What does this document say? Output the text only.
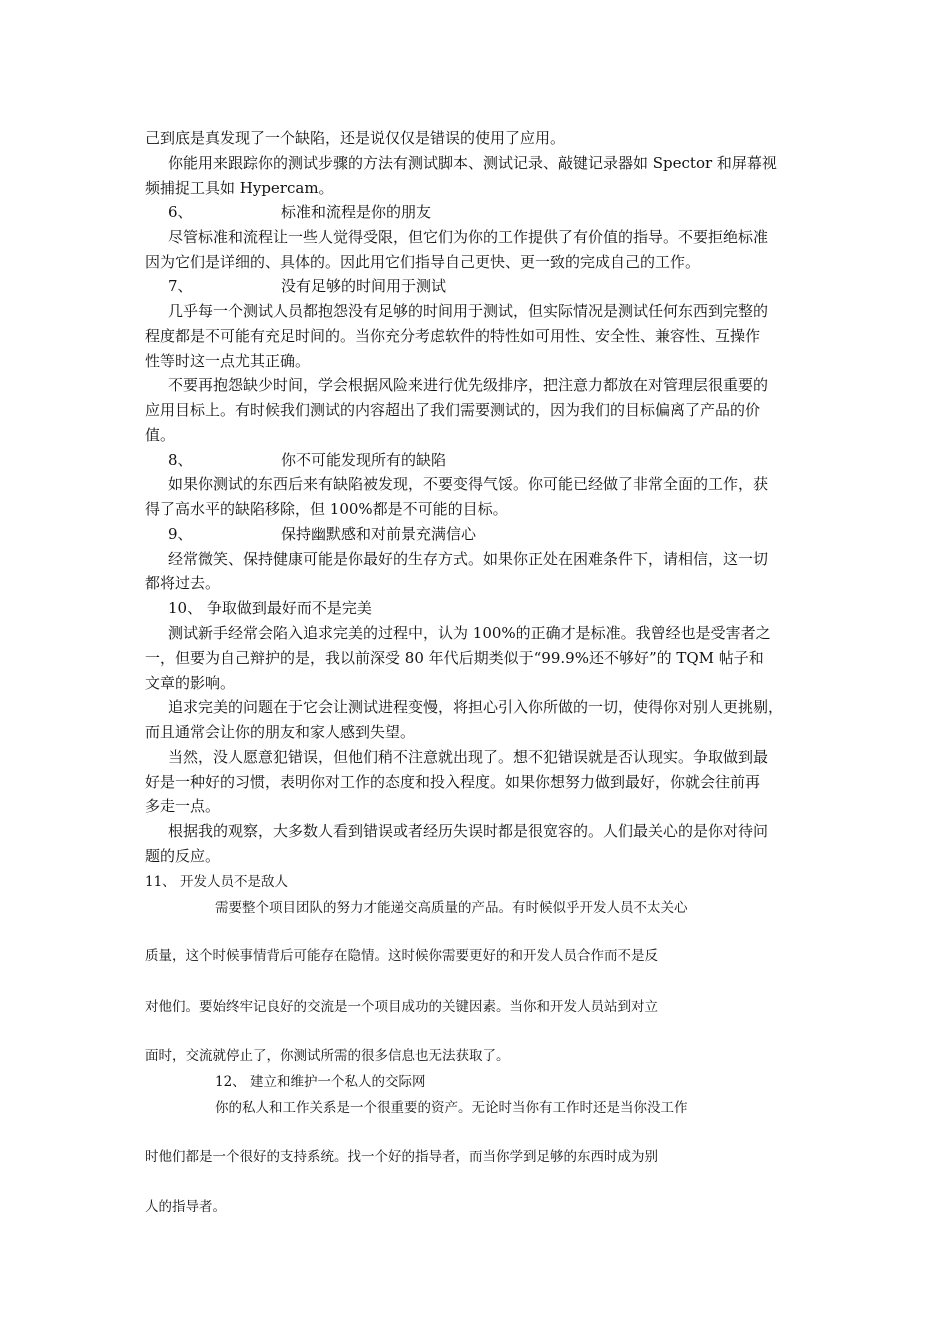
己到底是真发现了一个缺陷，还是说仅仅是错误的使用了应用。
你能用来跟踪你的测试步骤的方法有测试脚本、测试记录、敲键记录器如 Spector 和屏幕视
频捕捉工具如 Hypercam。
6、	标准和流程是你的朋友
尽管标准和流程让一些人觉得受限，但它们为你的工作提供了有价值的指导。不要拒绝标准
因为它们是详细的、具体的。因此用它们指导自己更快、更一致的完成自己的工作。
7、	没有足够的时间用于测试
几乎每一个测试人员都抱怨没有足够的时间用于测试，但实际情况是测试任何东西到完整的
程度都是不可能有充足时间的。当你充分考虑软件的特性如可用性、安全性、兼容性、互操作
性等时这一点尤其正确。
不要再抱怨缺少时间，学会根据风险来进行优先级排序，把注意力都放在对管理层很重要的
应用目标上。有时候我们测试的内容超出了我们需要测试的，因为我们的目标偏离了产品的价
值。
8、	你不可能发现所有的缺陷
如果你测试的东西后来有缺陷被发现，不要变得气馁。你可能已经做了非常全面的工作，获
得了高水平的缺陷移除，但 100%都是不可能的目标。
9、	保持幽默感和对前景充满信心
经常微笑、保持健康可能是你最好的生存方式。如果你正处在困难条件下，请相信，这一切
都将过去。
10、 争取做到最好而不是完美
测试新手经常会陷入追求完美的过程中，认为 100%的正确才是标准。我曾经也是受害者之
一，但要为自己辩护的是，我以前深受 80 年代后期类似于“99.9%还不够好”的 TQM 帖子和
文章的影响。
追求完美的问题在于它会让测试进程变慢，将担心引入你所做的一切，使得你对别人更挑剔，
而且通常会让你的朋友和家人感到失望。
当然，没人愿意犯错误，但他们稍不注意就出现了。想不犯错误就是否认现实。争取做到最
好是一种好的习惯，表明你对工作的态度和投入程度。如果你想努力做到最好，你就会往前再
多走一点。
根据我的观察，大多数人看到错误或者经历失误时都是很宽容的。人们最关心的是你对待问
题的反应。
11、 开发人员不是敌人
需要整个项目团队的努力才能递交高质量的产品。有时候似乎开发人员不太关心
质量，这个时候事情背后可能存在隐情。这时候你需要更好的和开发人员合作而不是反
对他们。要始终牢记良好的交流是一个项目成功的关键因素。当你和开发人员站到对立
面时，交流就停止了，你测试所需的很多信息也无法获取了。
12、 建立和维护一个私人的交际网
你的私人和工作关系是一个很重要的资产。无论时当你有工作时还是当你没工作
时他们都是一个很好的支持系统。找一个好的指导者，而当你学到足够的东西时成为别
人的指导者。
